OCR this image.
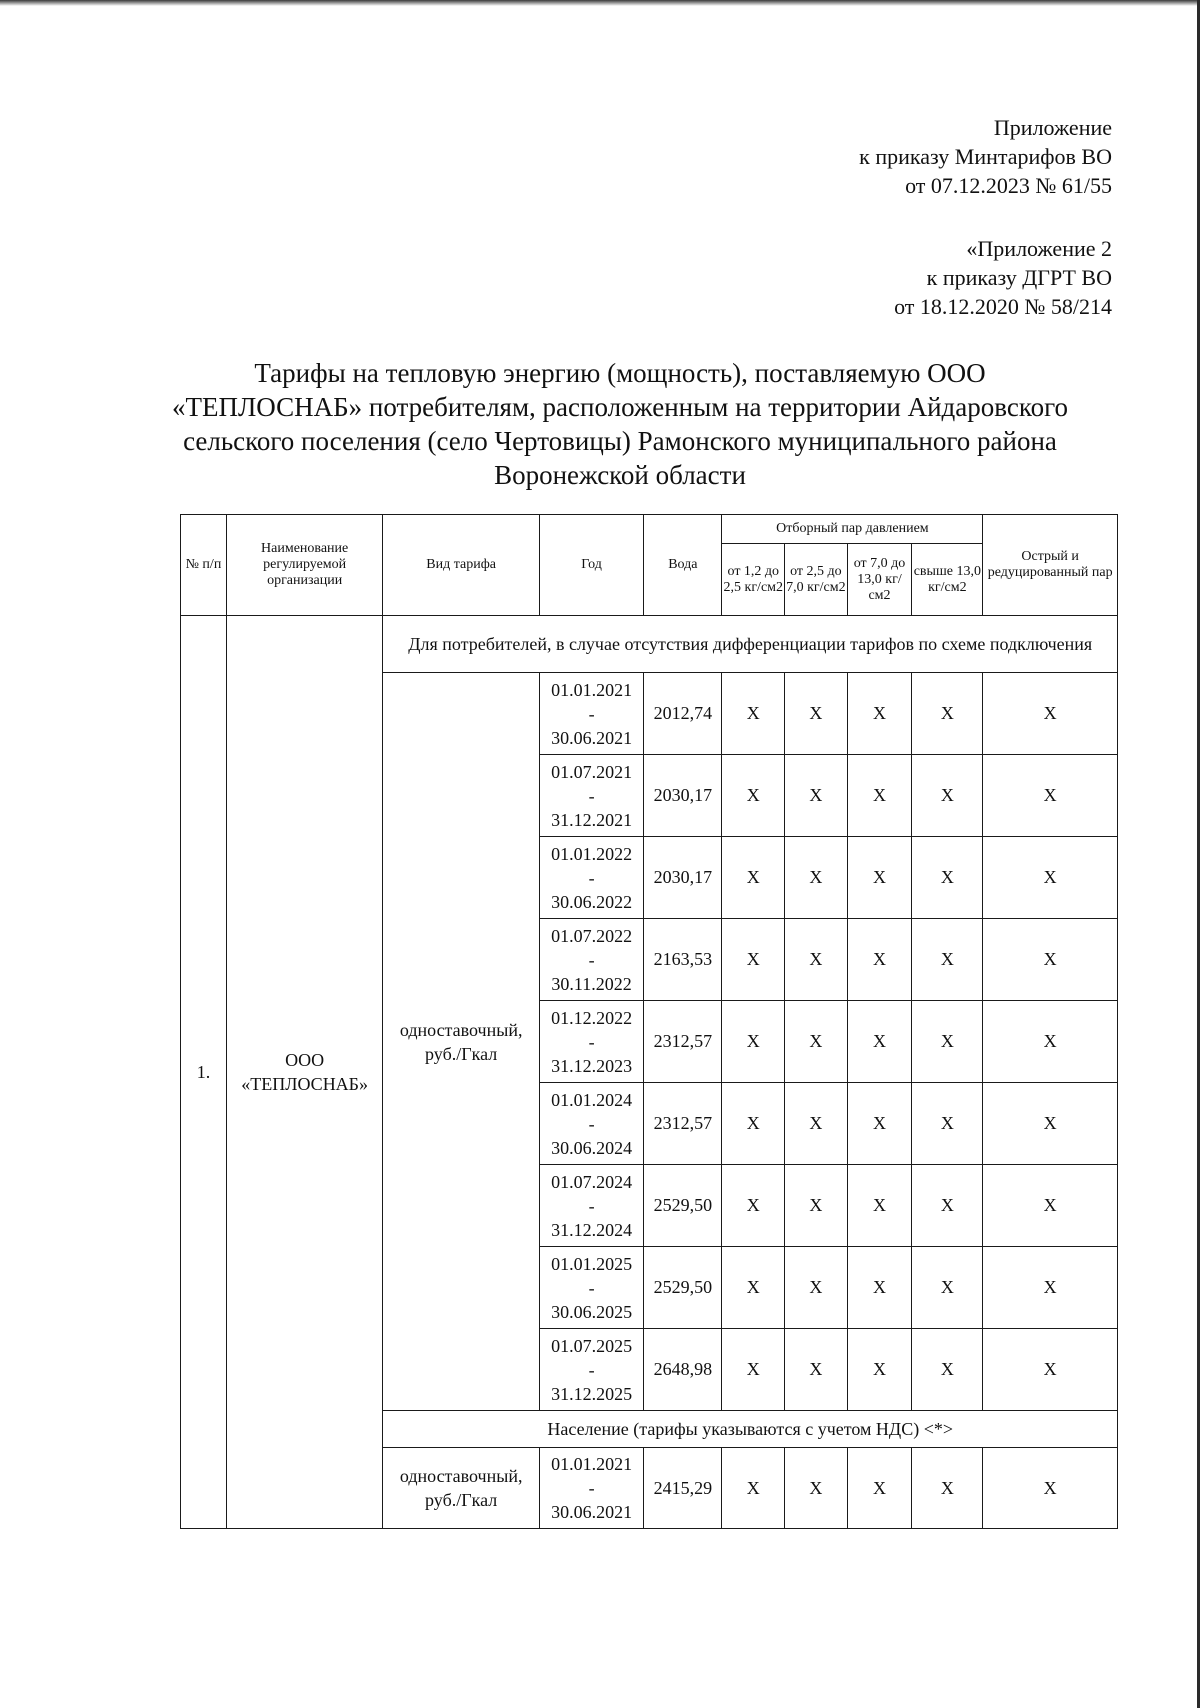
Приложение
к приказу Минтарифов ВО
от 07.12.2023 № 61/55
«Приложение 2
к приказу ДГРТ ВО
от 18.12.2020 № 58/214
Тарифы на тепловую энергию (мощность), поставляемую ООО «ТЕПЛОСНАБ» потребителям, расположенным на территории Айдаровского сельского поселения (село Чертовицы) Рамонского муниципального района Воронежской области
№ п/п	Наименование регулируемой организации	Вид тарифа	Год	Вода	Отборный пар давлением				Острый и редуцированный пар
					от 1,2 до 2,5 кг/см2	от 2,5 до 7,0 кг/см2	от 7,0 до 13,0 кг/см2	свыше 13,0 кг/см2	
1.	ООО «ТЕПЛОСНАБ»	Для потребителей, в случае отсутствия дифференциации тарифов по схеме подключения							
		одноставочный, руб./Гкал	01.01.2021
-
30.06.2021	2012,74	Х	Х	Х	Х	Х

			01.07.2021
-
31.12.2021	2030,17	Х	Х	Х	Х	Х

			01.01.2022
-
30.06.2022	2030,17	Х	Х	Х	Х	Х

			01.07.2022
-
30.11.2022	2163,53	Х	Х	Х	Х	Х

			01.12.2022
-
31.12.2023	2312,57	Х	Х	Х	Х	Х

			01.01.2024
-
30.06.2024	2312,57	Х	Х	Х	Х	Х

			01.07.2024
-
31.12.2024	2529,50	Х	Х	Х	Х	Х

			01.01.2025
-
30.06.2025	2529,50	Х	Х	Х	Х	Х

			01.07.2025
-
31.12.2025	2648,98	Х	Х	Х	Х	Х
		Население (тарифы указываются с учетом НДС) <*>							
		одноставочный, руб./Гкал	01.01.2021
-
30.06.2021	2415,29	Х	Х	Х	Х	Х
